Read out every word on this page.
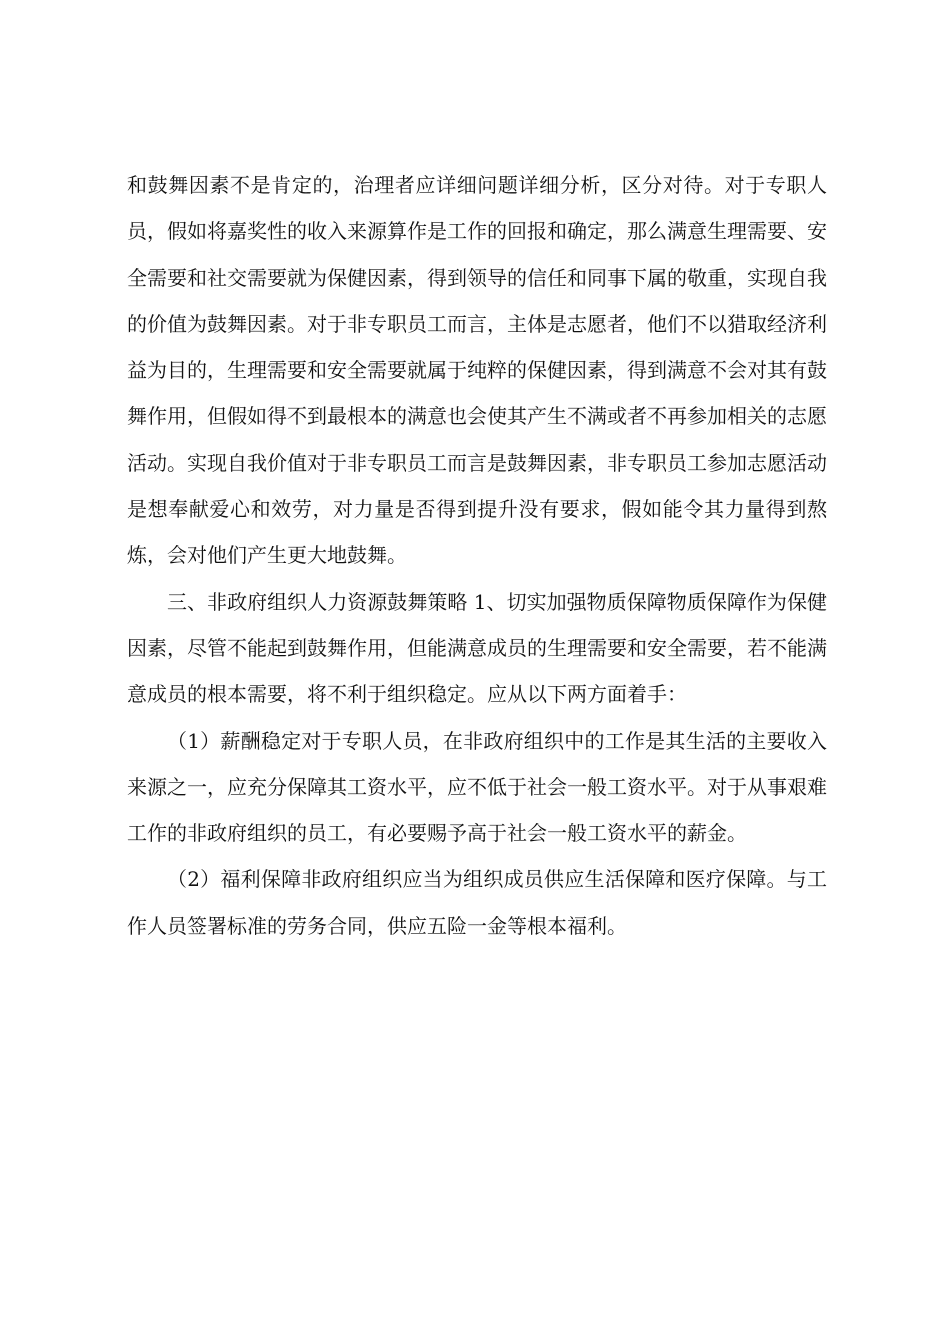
和鼓舞因素不是肯定的，治理者应详细问题详细分析，区分对待。对于专职人员，假如将嘉奖性的收入来源算作是工作的回报和确定，那么满意生理需要、安全需要和社交需要就为保健因素，得到领导的信任和同事下属的敬重，实现自我的价值为鼓舞因素。对于非专职员工而言，主体是志愿者，他们不以猎取经济利益为目的，生理需要和安全需要就属于纯粹的保健因素，得到满意不会对其有鼓舞作用，但假如得不到最根本的满意也会使其产生不满或者不再参加相关的志愿活动。实现自我价值对于非专职员工而言是鼓舞因素，非专职员工参加志愿活动是想奉献爱心和效劳，对力量是否得到提升没有要求，假如能令其力量得到熬炼，会对他们产生更大地鼓舞。

三、非政府组织人力资源鼓舞策略 1、切实加强物质保障物质保障作为保健因素，尽管不能起到鼓舞作用，但能满意成员的生理需要和安全需要，若不能满意成员的根本需要，将不利于组织稳定。应从以下两方面着手：

（1）薪酬稳定对于专职人员，在非政府组织中的工作是其生活的主要收入来源之一，应充分保障其工资水平，应不低于社会一般工资水平。对于从事艰难工作的非政府组织的员工，有必要赐予高于社会一般工资水平的薪金。

（2）福利保障非政府组织应当为组织成员供应生活保障和医疗保障。与工作人员签署标准的劳务合同，供应五险一金等根本福利。
